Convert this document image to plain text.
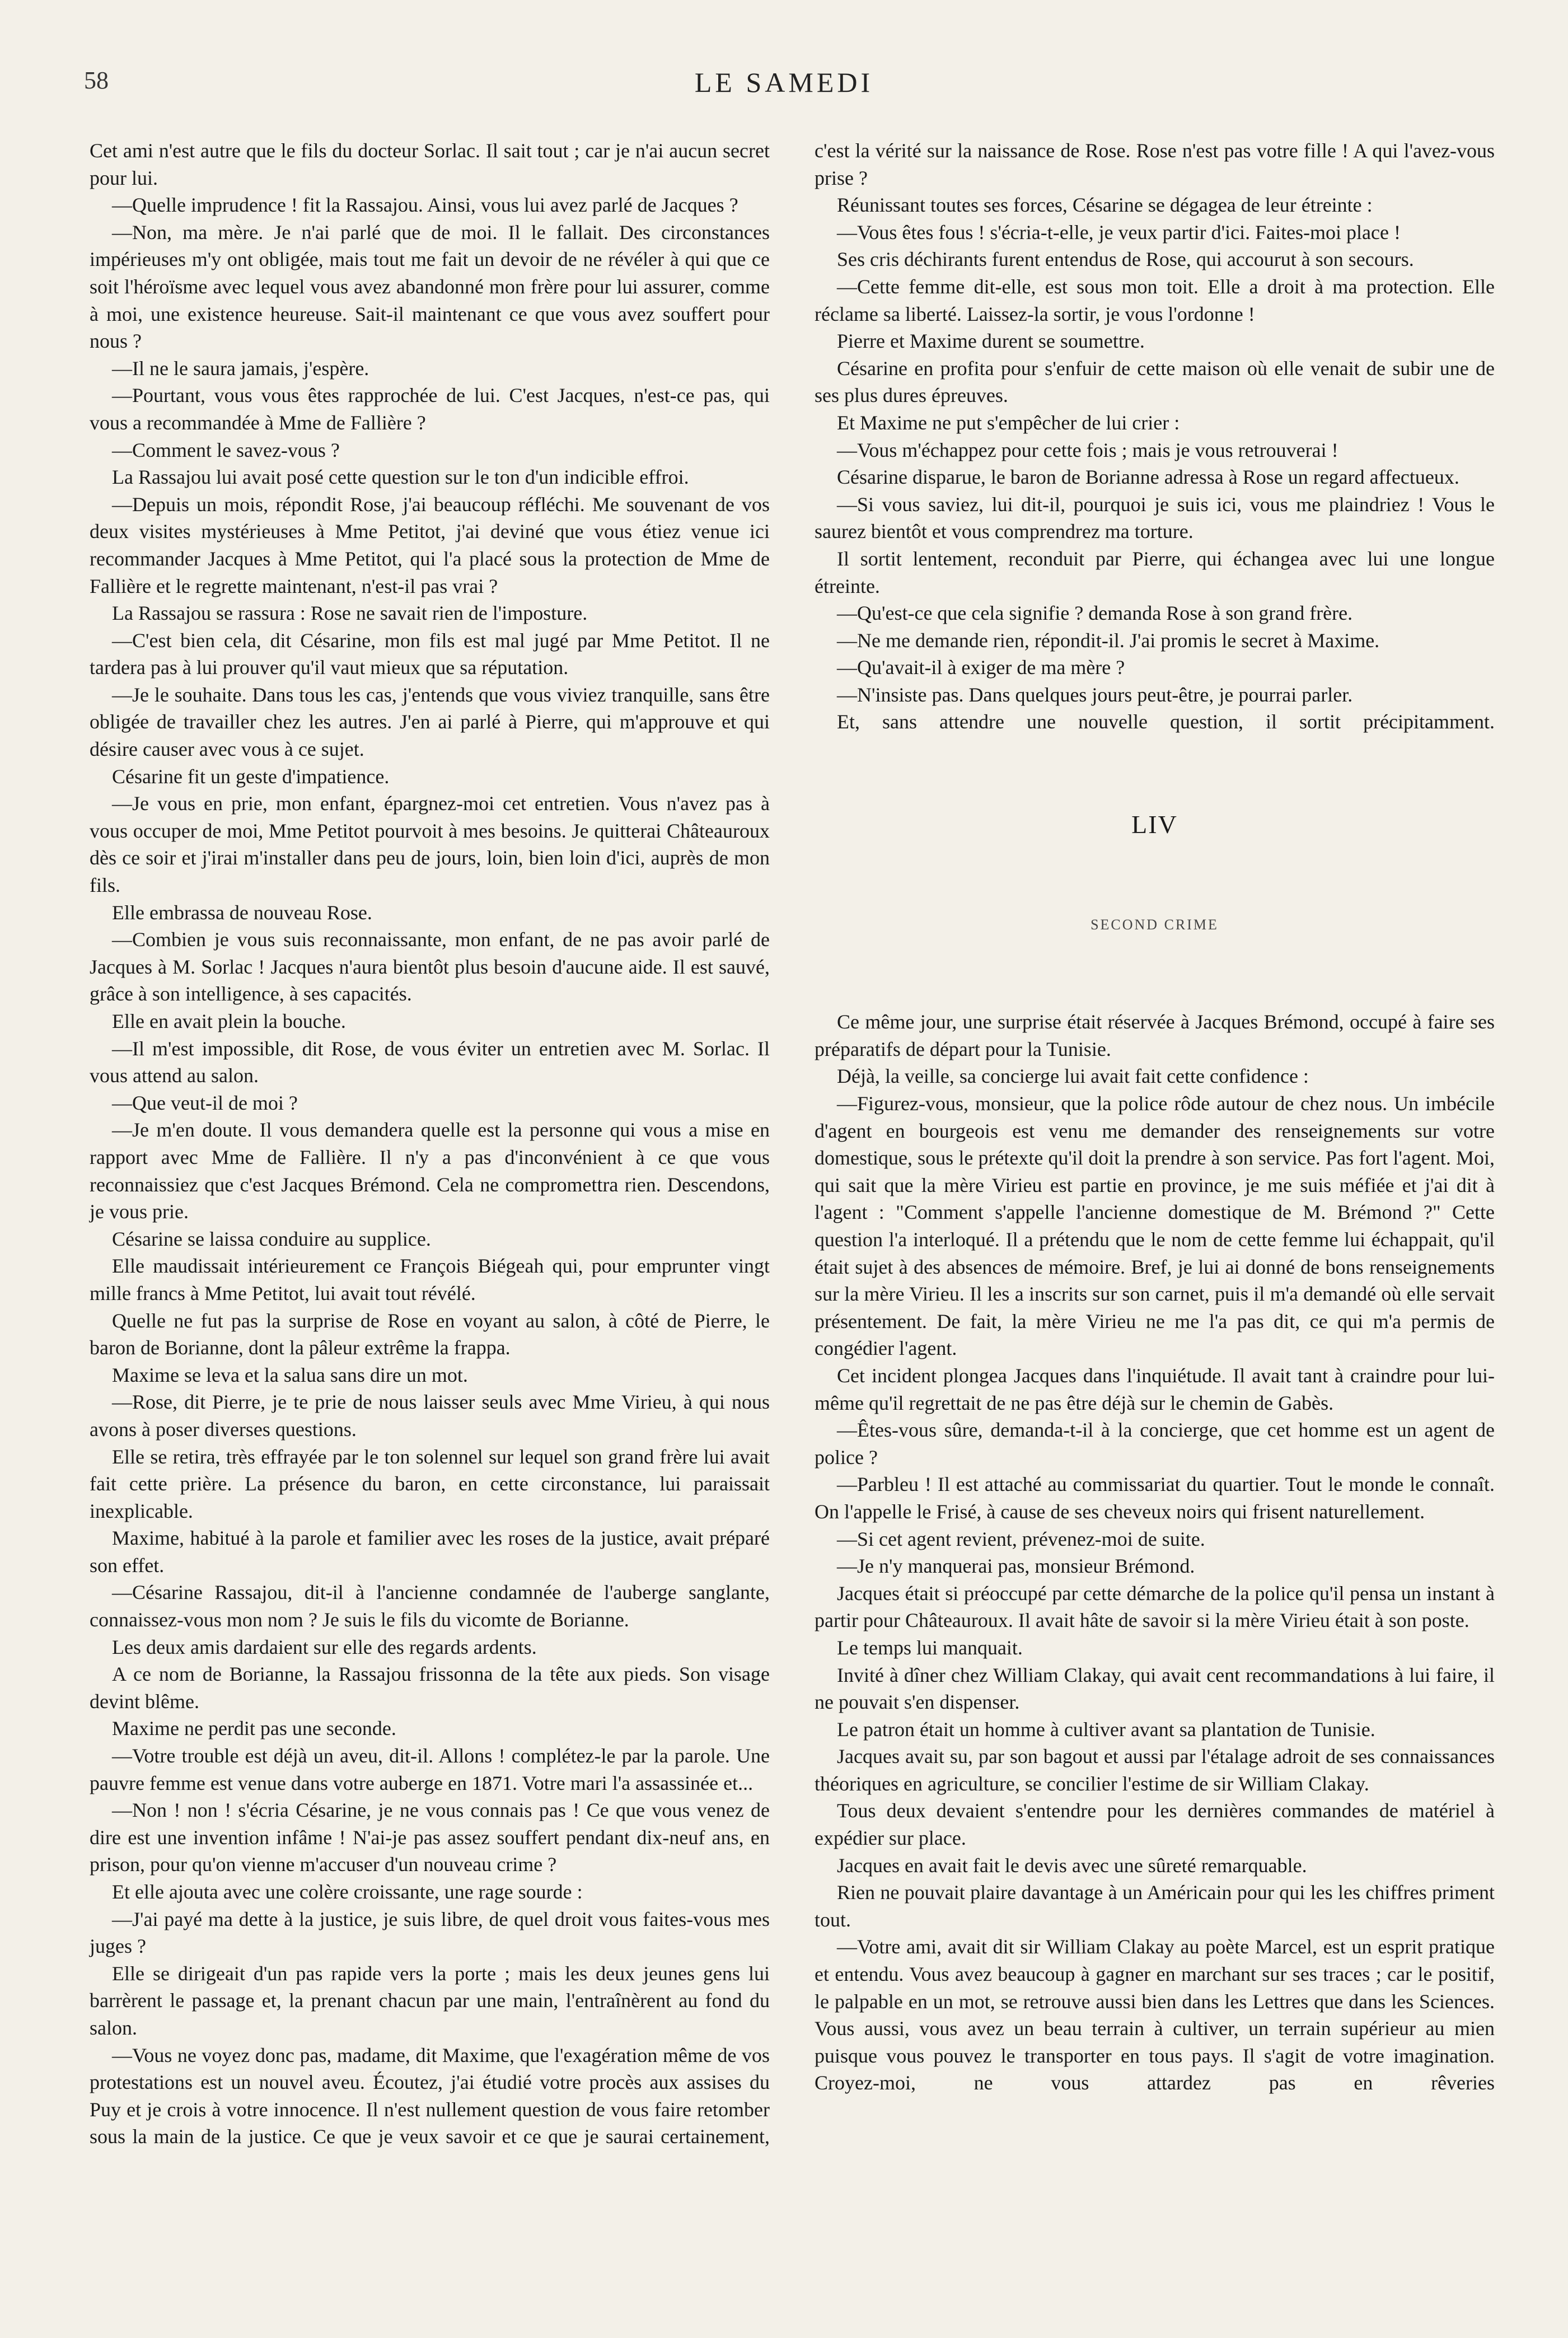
58	LE SAMEDI

Cet ami n'est autre que le fils du docteur Sorlac. Il sait tout ; car je n'ai aucun secret pour lui.

—Quelle imprudence ! fit la Rassajou. Ainsi, vous lui avez parlé de Jacques ?

—Non, ma mère. Je n'ai parlé que de moi. Il le fallait. Des circonstances impérieuses m'y ont obligée, mais tout me fait un devoir de ne révéler à qui que ce soit l'héroïsme avec lequel vous avez abandonné mon frère pour lui assurer, comme à moi, une existence heureuse. Sait-il maintenant ce que vous avez souffert pour nous ?

—Il ne le saura jamais, j'espère.

—Pourtant, vous vous êtes rapprochée de lui. C'est Jacques, n'est-ce pas, qui vous a recommandée à Mme de Fallière ?

—Comment le savez-vous ?

La Rassajou lui avait posé cette question sur le ton d'un indicible effroi.

—Depuis un mois, répondit Rose, j'ai beaucoup réfléchi. Me souvenant de vos deux visites mystérieuses à Mme Petitot, j'ai deviné que vous étiez venue ici recommander Jacques à Mme Petitot, qui l'a placé sous la protection de Mme de Fallière et le regrette maintenant, n'est-il pas vrai ?

La Rassajou se rassura : Rose ne savait rien de l'imposture.

—C'est bien cela, dit Césarine, mon fils est mal jugé par Mme Petitot. Il ne tardera pas à lui prouver qu'il vaut mieux que sa réputation.

—Je le souhaite. Dans tous les cas, j'entends que vous viviez tranquille, sans être obligée de travailler chez les autres. J'en ai parlé à Pierre, qui m'approuve et qui désire causer avec vous à ce sujet.

Césarine fit un geste d'impatience.

—Je vous en prie, mon enfant, épargnez-moi cet entretien. Vous n'avez pas à vous occuper de moi, Mme Petitot pourvoit à mes besoins. Je quitterai Châteauroux dès ce soir et j'irai m'installer dans peu de jours, loin, bien loin d'ici, auprès de mon fils.

Elle embrassa de nouveau Rose.

—Combien je vous suis reconnaissante, mon enfant, de ne pas avoir parlé de Jacques à M. Sorlac ! Jacques n'aura bientôt plus besoin d'aucune aide. Il est sauvé, grâce à son intelligence, à ses capacités.

Elle en avait plein la bouche.

—Il m'est impossible, dit Rose, de vous éviter un entretien avec M. Sorlac. Il vous attend au salon.

—Que veut-il de moi ?

—Je m'en doute. Il vous demandera quelle est la personne qui vous a mise en rapport avec Mme de Fallière. Il n'y a pas d'inconvénient à ce que vous reconnaissiez que c'est Jacques Brémond. Cela ne compromettra rien. Descendons, je vous prie.

Césarine se laissa conduire au supplice.

Elle maudissait intérieurement ce François Biégeah qui, pour emprunter vingt mille francs à Mme Petitot, lui avait tout révélé.

Quelle ne fut pas la surprise de Rose en voyant au salon, à côté de Pierre, le baron de Borianne, dont la pâleur extrême la frappa.

Maxime se leva et la salua sans dire un mot.

—Rose, dit Pierre, je te prie de nous laisser seuls avec Mme Virieu, à qui nous avons à poser diverses questions.

Elle se retira, très effrayée par le ton solennel sur lequel son grand frère lui avait fait cette prière. La présence du baron, en cette circonstance, lui paraissait inexplicable.

Maxime, habitué à la parole et familier avec les roses de la justice, avait préparé son effet.

—Césarine Rassajou, dit-il à l'ancienne condamnée de l'auberge sanglante, connaissez-vous mon nom ? Je suis le fils du vicomte de Borianne.

Les deux amis dardaient sur elle des regards ardents.

A ce nom de Borianne, la Rassajou frissonna de la tête aux pieds. Son visage devint blême.

Maxime ne perdit pas une seconde.

—Votre trouble est déjà un aveu, dit-il. Allons ! complétez-le par la parole. Une pauvre femme est venue dans votre auberge en 1871. Votre mari l'a assassinée et...

—Non ! non ! s'écria Césarine, je ne vous connais pas ! Ce que vous venez de dire est une invention infâme ! N'ai-je pas assez souffert pendant dix-neuf ans, en prison, pour qu'on vienne m'accuser d'un nouveau crime ?

Et elle ajouta avec une colère croissante, une rage sourde :

—J'ai payé ma dette à la justice, je suis libre, de quel droit vous faites-vous mes juges ?

Elle se dirigeait d'un pas rapide vers la porte ; mais les deux jeunes gens lui barrèrent le passage et, la prenant chacun par une main, l'entraînèrent au fond du salon.

—Vous ne voyez donc pas, madame, dit Maxime, que l'exagération même de vos protestations est un nouvel aveu. Écoutez, j'ai étudié votre procès aux assises du Puy et je crois à votre innocence. Il n'est nullement question de vous faire retomber sous la main de la justice. Ce que je veux savoir et ce que je saurai certainement,

c'est la vérité sur la naissance de Rose. Rose n'est pas votre fille ! A qui l'avez-vous prise ?

Réunissant toutes ses forces, Césarine se dégagea de leur étreinte :

—Vous êtes fous ! s'écria-t-elle, je veux partir d'ici. Faites-moi place !

Ses cris déchirants furent entendus de Rose, qui accourut à son secours.

—Cette femme dit-elle, est sous mon toit. Elle a droit à ma protection. Elle réclame sa liberté. Laissez-la sortir, je vous l'ordonne !

Pierre et Maxime durent se soumettre.

Césarine en profita pour s'enfuir de cette maison où elle venait de subir une de ses plus dures épreuves.

Et Maxime ne put s'empêcher de lui crier :

—Vous m'échappez pour cette fois ; mais je vous retrouverai !

Césarine disparue, le baron de Borianne adressa à Rose un regard affectueux.

—Si vous saviez, lui dit-il, pourquoi je suis ici, vous me plaindriez ! Vous le saurez bientôt et vous comprendrez ma torture.

Il sortit lentement, reconduit par Pierre, qui échangea avec lui une longue étreinte.

—Qu'est-ce que cela signifie ? demanda Rose à son grand frère.

—Ne me demande rien, répondit-il. J'ai promis le secret à Maxime.

—Qu'avait-il à exiger de ma mère ?

—N'insiste pas. Dans quelques jours peut-être, je pourrai parler.

Et, sans attendre une nouvelle question, il sortit précipitamment.

LIV
SECOND CRIME

Ce même jour, une surprise était réservée à Jacques Brémond, occupé à faire ses préparatifs de départ pour la Tunisie.

Déjà, la veille, sa concierge lui avait fait cette confidence :

—Figurez-vous, monsieur, que la police rôde autour de chez nous. Un imbécile d'agent en bourgeois est venu me demander des renseignements sur votre domestique, sous le prétexte qu'il doit la prendre à son service. Pas fort l'agent. Moi, qui sait que la mère Virieu est partie en province, je me suis méfiée et j'ai dit à l'agent : "Comment s'appelle l'ancienne domestique de M. Brémond ?" Cette question l'a interloqué. Il a prétendu que le nom de cette femme lui échappait, qu'il était sujet à des absences de mémoire. Bref, je lui ai donné de bons renseignements sur la mère Virieu. Il les a inscrits sur son carnet, puis il m'a demandé où elle servait présentement. De fait, la mère Virieu ne me l'a pas dit, ce qui m'a permis de congédier l'agent.

Cet incident plongea Jacques dans l'inquiétude. Il avait tant à craindre pour lui-même qu'il regrettait de ne pas être déjà sur le chemin de Gabès.

—Êtes-vous sûre, demanda-t-il à la concierge, que cet homme est un agent de police ?

—Parbleu ! Il est attaché au commissariat du quartier. Tout le monde le connaît. On l'appelle le Frisé, à cause de ses cheveux noirs qui frisent naturellement.

—Si cet agent revient, prévenez-moi de suite.

—Je n'y manquerai pas, monsieur Brémond.

Jacques était si préoccupé par cette démarche de la police qu'il pensa un instant à partir pour Châteauroux. Il avait hâte de savoir si la mère Virieu était à son poste.

Le temps lui manquait.

Invité à dîner chez William Clakay, qui avait cent recommandations à lui faire, il ne pouvait s'en dispenser.

Le patron était un homme à cultiver avant sa plantation de Tunisie.

Jacques avait su, par son bagout et aussi par l'étalage adroit de ses connaissances théoriques en agriculture, se concilier l'estime de sir William Clakay.

Tous deux devaient s'entendre pour les dernières commandes de matériel à expédier sur place.

Jacques en avait fait le devis avec une sûreté remarquable.

Rien ne pouvait plaire davantage à un Américain pour qui les les chiffres priment tout.

—Votre ami, avait dit sir William Clakay au poète Marcel, est un esprit pratique et entendu. Vous avez beaucoup à gagner en marchant sur ses traces ; car le positif, le palpable en un mot, se retrouve aussi bien dans les Lettres que dans les Sciences. Vous aussi, vous avez un beau terrain à cultiver, un terrain supérieur au mien puisque vous pouvez le transporter en tous pays. Il s'agit de votre imagination. Croyez-moi, ne vous attardez pas en rêveries
